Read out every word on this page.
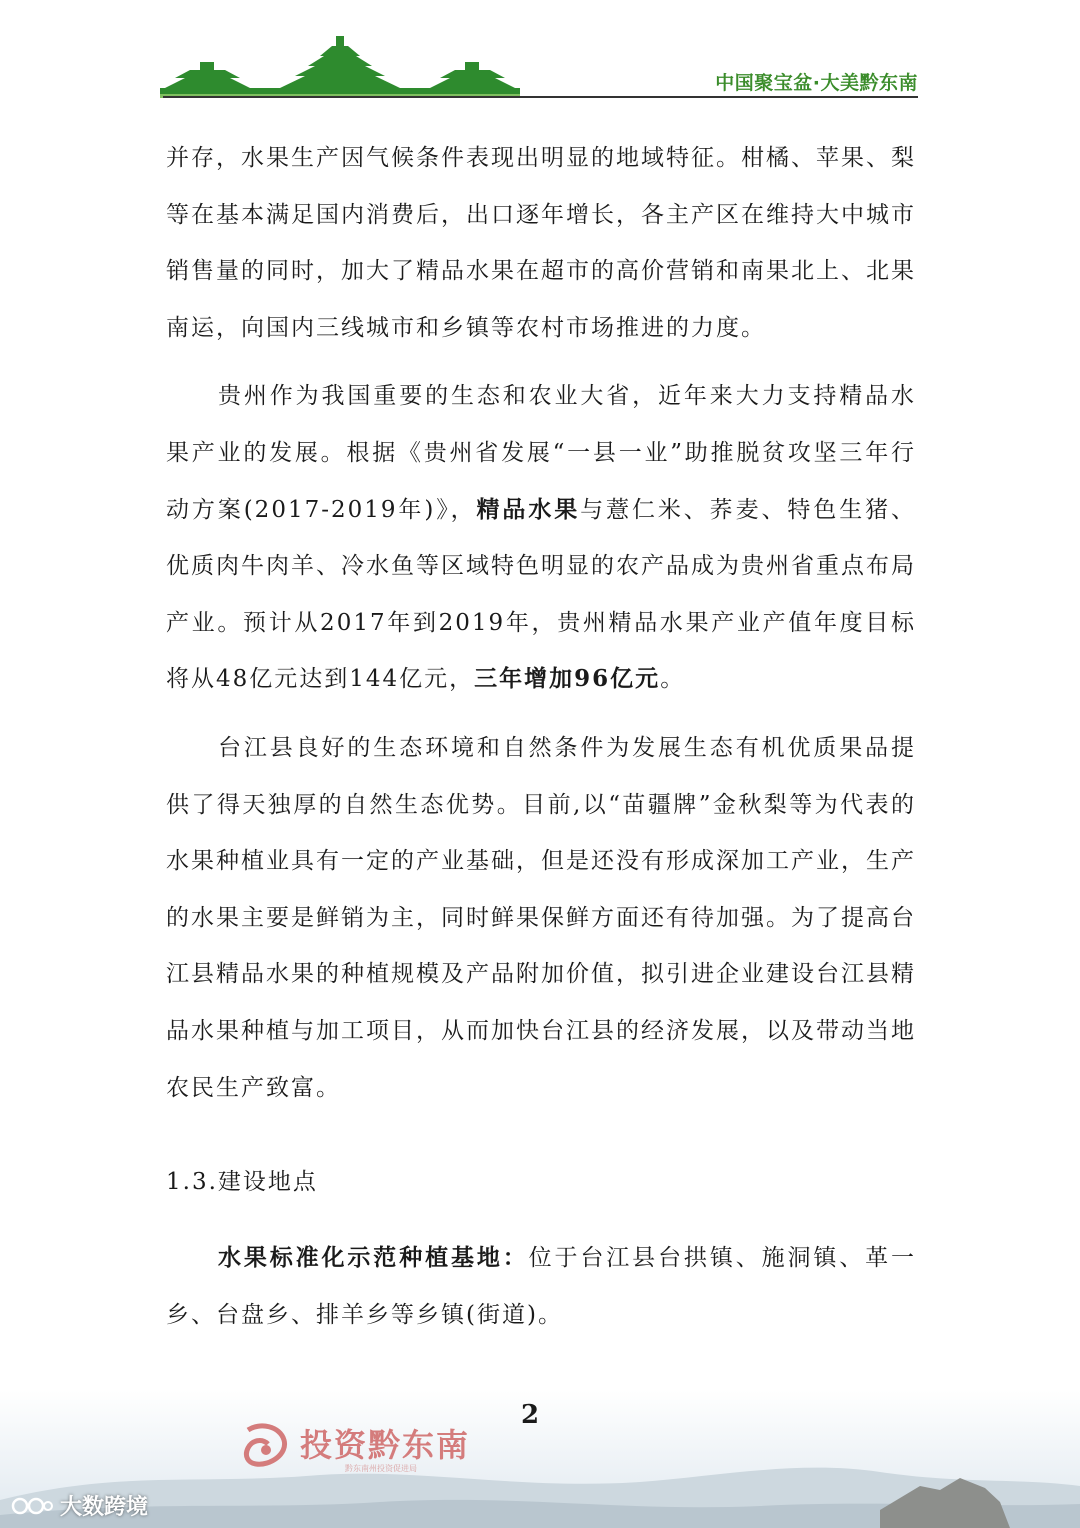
中国聚宝盆·大美黔东南

并存，水果生产因气候条件表现出明显的地域特征。柑橘、苹果、梨等在基本满足国内消费后，出口逐年增长，各主产区在维持大中城市销售量的同时，加大了精品水果在超市的高价营销和南果北上、北果南运，向国内三线城市和乡镇等农村市场推进的力度。

贵州作为我国重要的生态和农业大省，近年来大力支持精品水果产业的发展。根据《贵州省发展“一县一业”助推脱贫攻坚三年行动方案(2017-2019年)》，精品水果与薏仁米、荞麦、特色生猪、优质肉牛肉羊、冷水鱼等区域特色明显的农产品成为贵州省重点布局产业。预计从2017年到2019年，贵州精品水果产业产值年度目标将从48亿元达到144亿元，三年增加96亿元。

台江县良好的生态环境和自然条件为发展生态有机优质果品提供了得天独厚的自然生态优势。目前,以“苗疆牌”金秋梨等为代表的水果种植业具有一定的产业基础，但是还没有形成深加工产业，生产的水果主要是鲜销为主，同时鲜果保鲜方面还有待加强。为了提高台江县精品水果的种植规模及产品附加价值，拟引进企业建设台江县精品水果种植与加工项目，从而加快台江县的经济发展，以及带动当地农民生产致富。

1.3.建设地点

水果标准化示范种植基地：位于台江县台拱镇、施洞镇、革一乡、台盘乡、排羊乡等乡镇(街道)。

投资黔东南
黔东南州投资促进局
2
大数跨境
